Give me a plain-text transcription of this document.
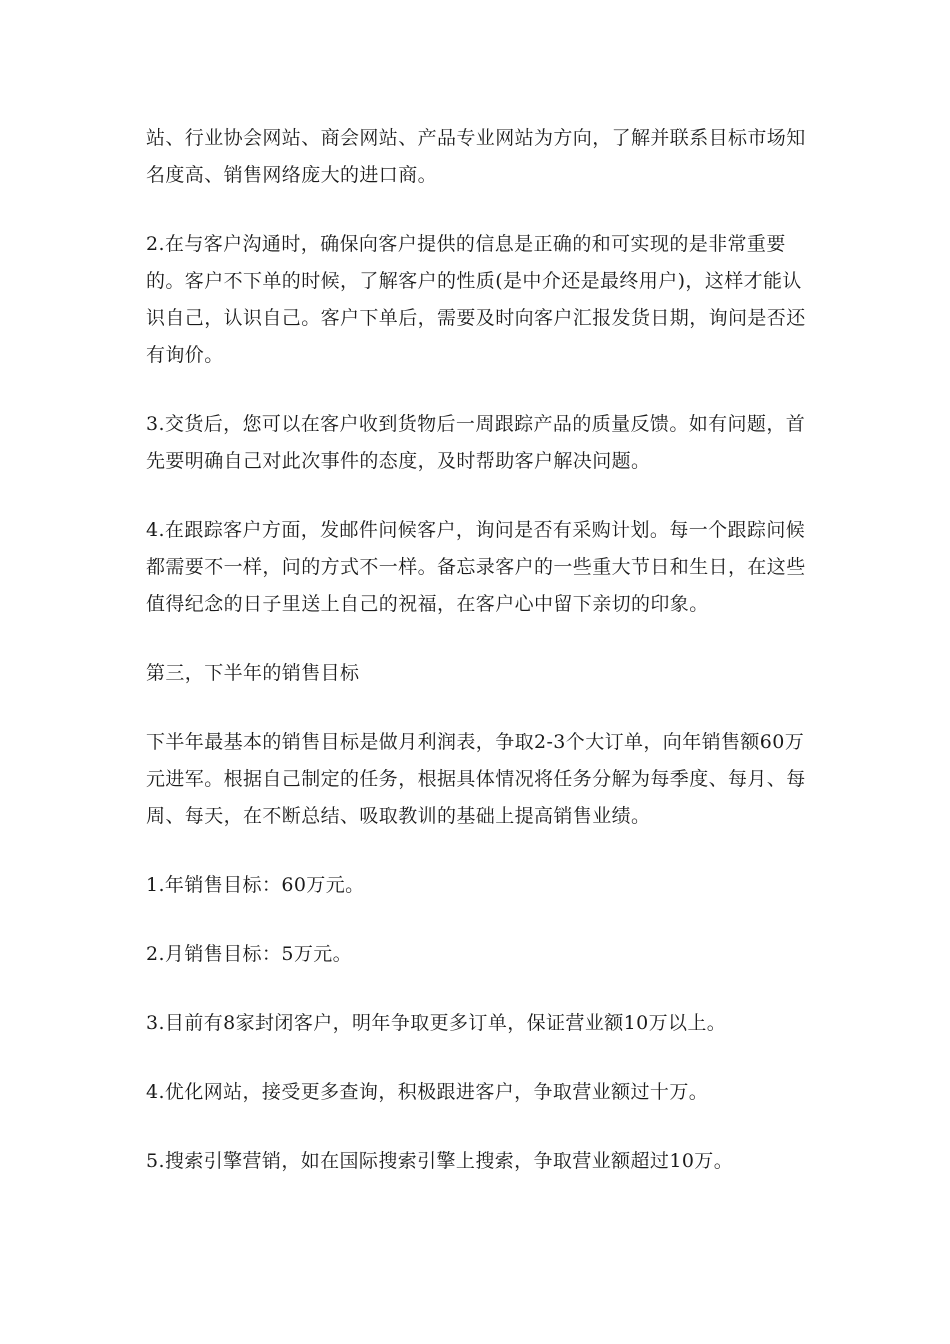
站、行业协会网站、商会网站、产品专业网站为方向，了解并联系目标市场知名度高、销售网络庞大的进口商。

2.在与客户沟通时，确保向客户提供的信息是正确的和可实现的是非常重要的。客户不下单的时候，了解客户的性质(是中介还是最终用户)，这样才能认识自己，认识自己。客户下单后，需要及时向客户汇报发货日期，询问是否还有询价。

3.交货后，您可以在客户收到货物后一周跟踪产品的质量反馈。如有问题，首先要明确自己对此次事件的态度，及时帮助客户解决问题。

4.在跟踪客户方面，发邮件问候客户，询问是否有采购计划。每一个跟踪问候都需要不一样，问的方式不一样。备忘录客户的一些重大节日和生日，在这些值得纪念的日子里送上自己的祝福，在客户心中留下亲切的印象。

第三，下半年的销售目标

下半年最基本的销售目标是做月利润表，争取2-3个大订单，向年销售额60万元进军。根据自己制定的任务，根据具体情况将任务分解为每季度、每月、每周、每天，在不断总结、吸取教训的基础上提高销售业绩。

1.年销售目标：60万元。

2.月销售目标：5万元。

3.目前有8家封闭客户，明年争取更多订单，保证营业额10万以上。

4.优化网站，接受更多查询，积极跟进客户，争取营业额过十万。

5.搜索引擎营销，如在国际搜索引擎上搜索，争取营业额超过10万。
